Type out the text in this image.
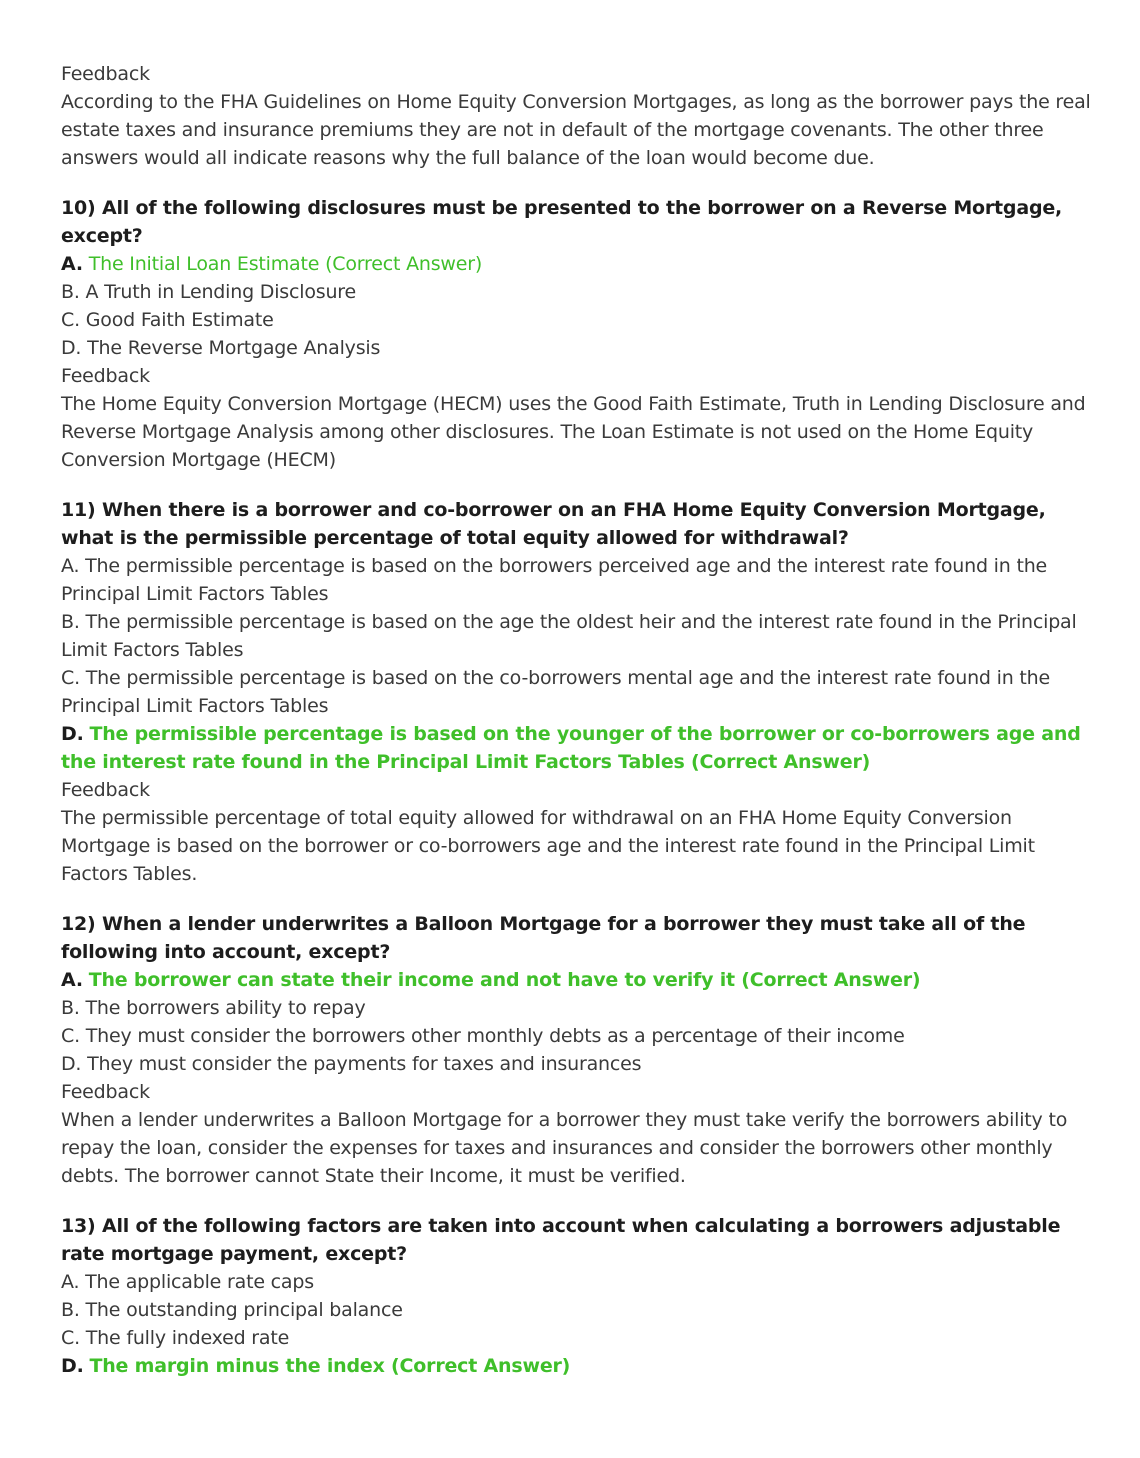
Feedback
According to the FHA Guidelines on Home Equity Conversion Mortgages, as long as the borrower pays the real estate taxes and insurance premiums they are not in default of the mortgage covenants. The other three answers would all indicate reasons why the full balance of the loan would become due.
10) All of the following disclosures must be presented to the borrower on a Reverse Mortgage, except?
A. The Initial Loan Estimate (Correct Answer)
B. A Truth in Lending Disclosure
C. Good Faith Estimate
D. The Reverse Mortgage Analysis
Feedback
The Home Equity Conversion Mortgage (HECM) uses the Good Faith Estimate, Truth in Lending Disclosure and Reverse Mortgage Analysis among other disclosures. The Loan Estimate is not used on the Home Equity Conversion Mortgage (HECM)
11) When there is a borrower and co-borrower on an FHA Home Equity Conversion Mortgage, what is the permissible percentage of total equity allowed for withdrawal?
A. The permissible percentage is based on the borrowers perceived age and the interest rate found in the Principal Limit Factors Tables
B. The permissible percentage is based on the age the oldest heir and the interest rate found in the Principal Limit Factors Tables
C. The permissible percentage is based on the co-borrowers mental age and the interest rate found in the Principal Limit Factors Tables
D. The permissible percentage is based on the younger of the borrower or co-borrowers age and the interest rate found in the Principal Limit Factors Tables (Correct Answer)
Feedback
The permissible percentage of total equity allowed for withdrawal on an FHA Home Equity Conversion Mortgage is based on the borrower or co-borrowers age and the interest rate found in the Principal Limit Factors Tables.
12) When a lender underwrites a Balloon Mortgage for a borrower they must take all of the following into account, except?
A. The borrower can state their income and not have to verify it (Correct Answer)
B. The borrowers ability to repay
C. They must consider the borrowers other monthly debts as a percentage of their income
D. They must consider the payments for taxes and insurances
Feedback
When a lender underwrites a Balloon Mortgage for a borrower they must take verify the borrowers ability to repay the loan, consider the expenses for taxes and insurances and consider the borrowers other monthly debts. The borrower cannot State their Income, it must be verified.
13) All of the following factors are taken into account when calculating a borrowers adjustable rate mortgage payment, except?
A. The applicable rate caps
B. The outstanding principal balance
C. The fully indexed rate
D. The margin minus the index (Correct Answer)
